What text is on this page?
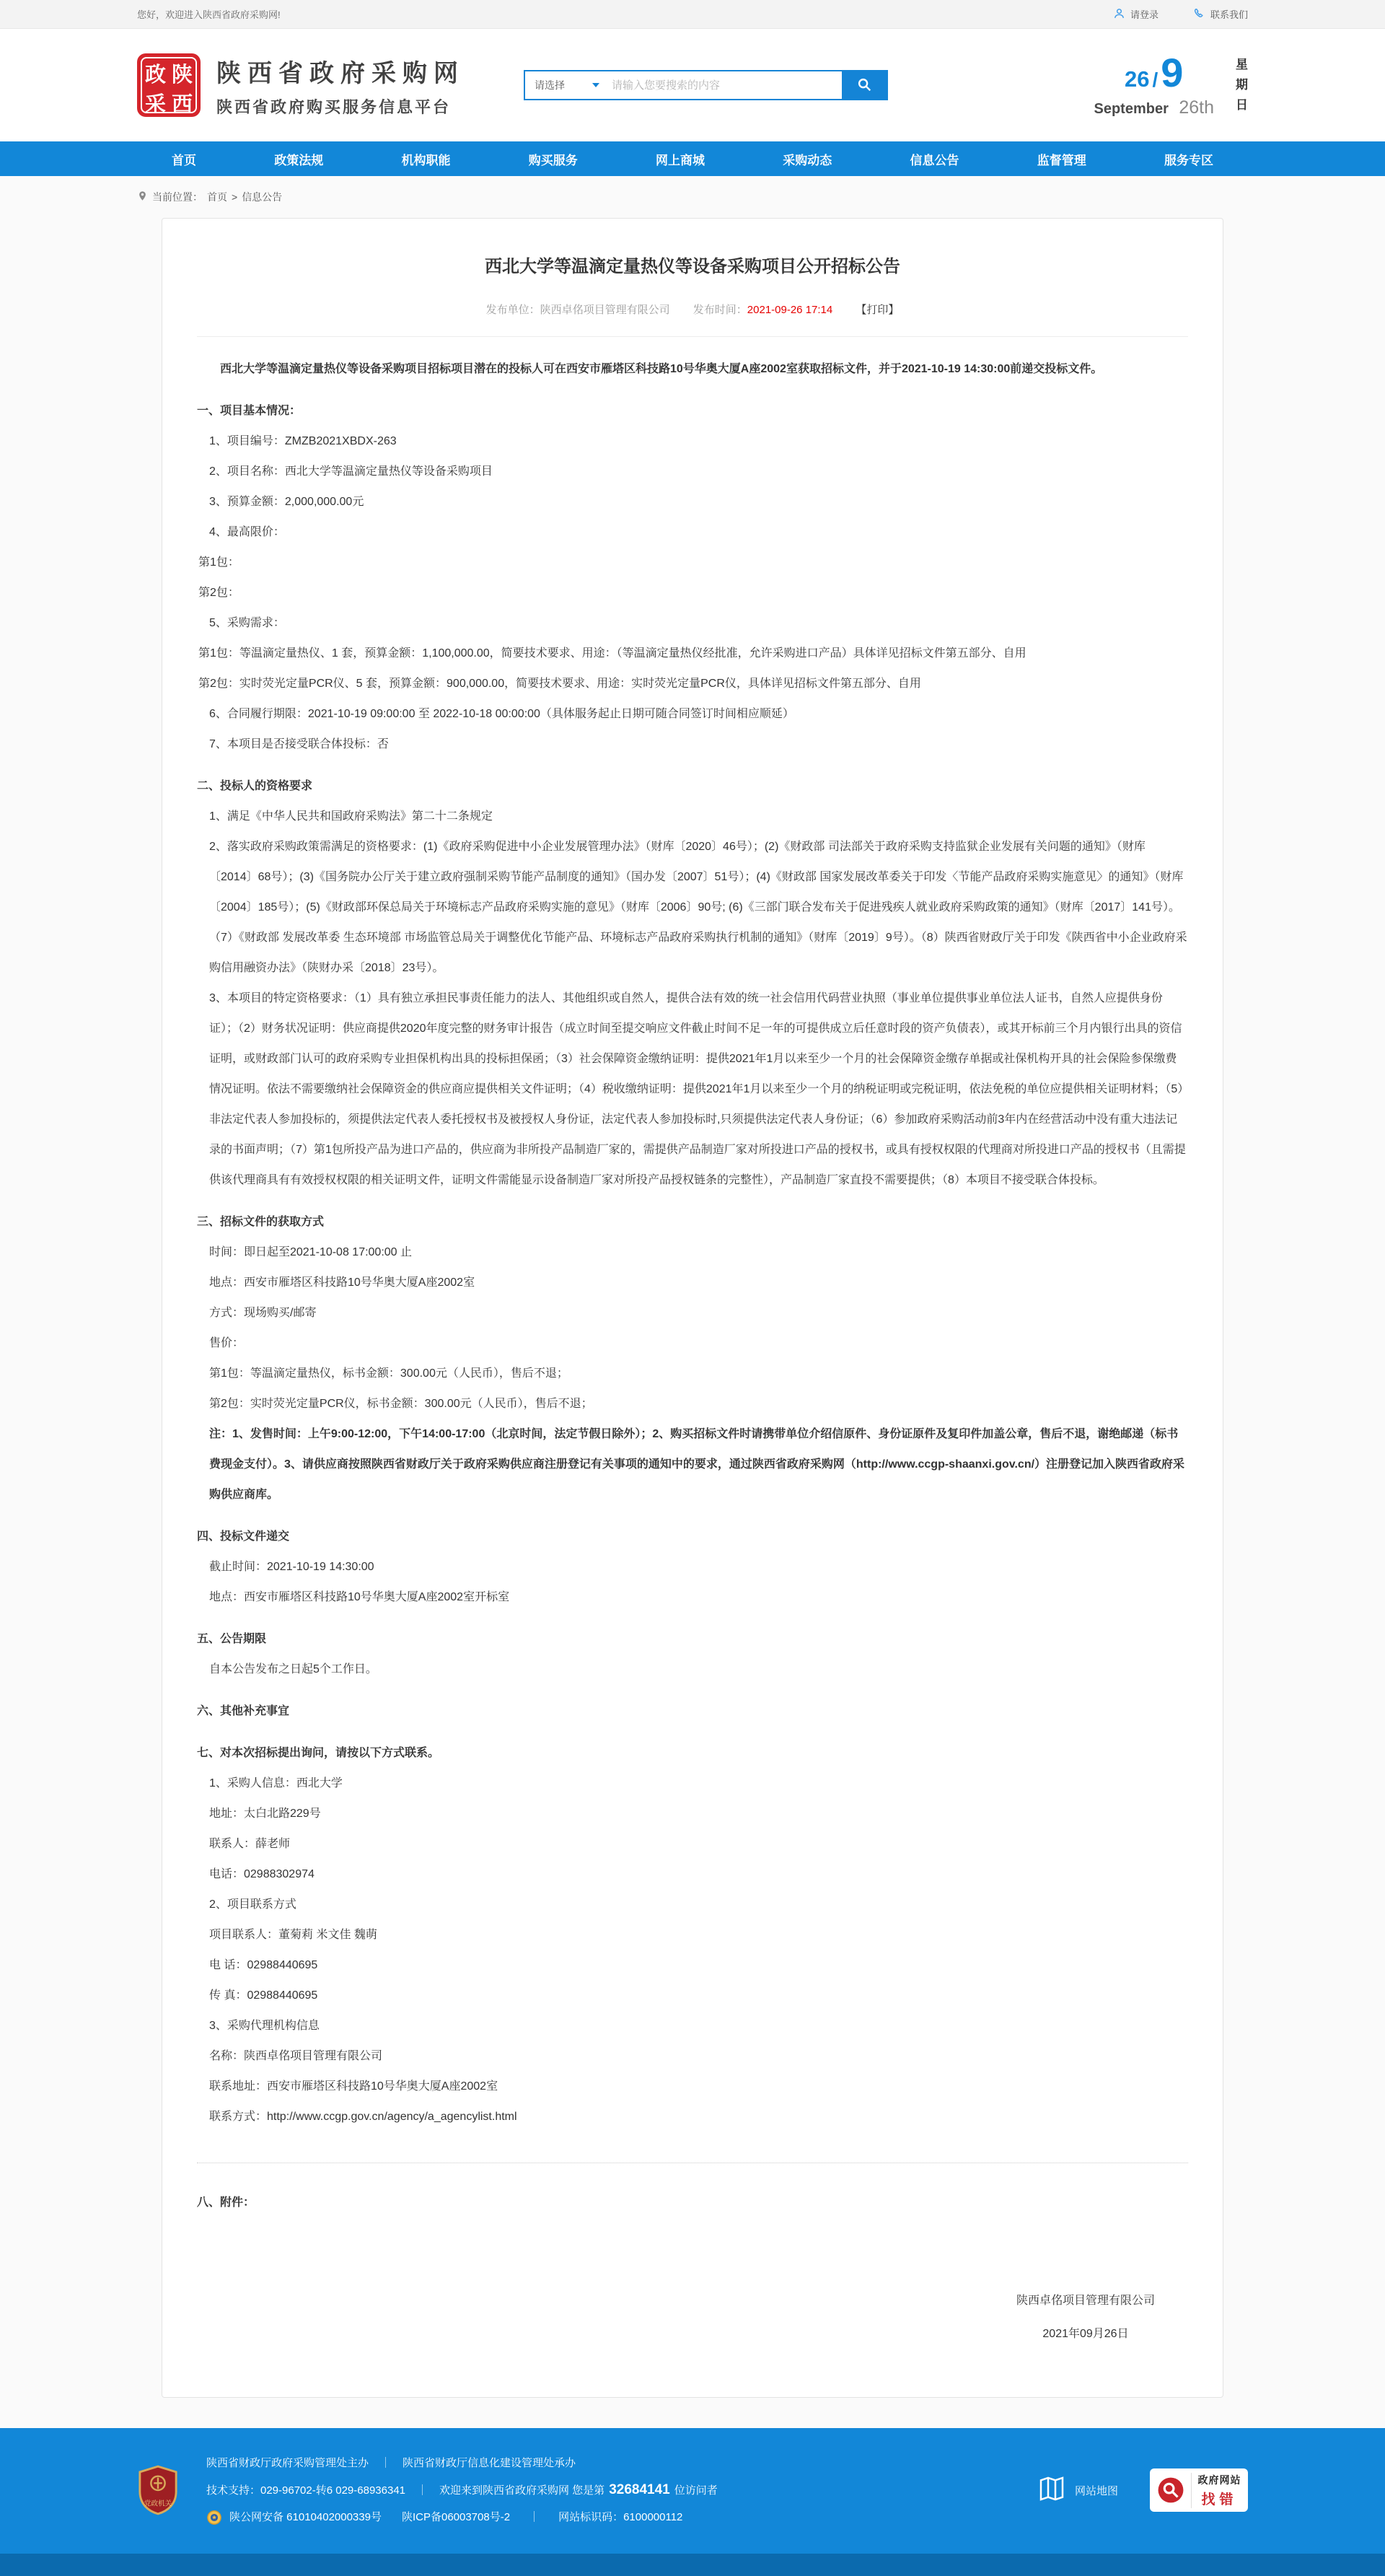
您好，欢迎进入陕西省政府采购网!	请登录	联系我们
政 陕
采 西
陕西省政府采购网
陕西省政府购买服务信息平台
请选择
请输入您要搜索的内容	26 /9
September 26th
星
期
日
首页	政策法规	机构职能	购买服务	网上商城	采购动态	信息公告	监督管理	服务专区
当前位置： 首页 > 信息公告
西北大学等温滴定量热仪等设备采购项目公开招标公告
发布单位：陕西卓佲项目管理有限公司 发布时间：2021-09-26 17:14 【打印】

西北大学等温滴定量热仪等设备采购项目招标项目潜在的投标人可在西安市雁塔区科技路10号华奥大厦A座2002室获取招标文件，并于2021-10-19 14:30:00前递交投标文件。

一、项目基本情况：

1、项目编号：ZMZB2021XBDX-263

2、项目名称：西北大学等温滴定量热仪等设备采购项目

3、预算金额：2,000,000.00元

4、最高限价：

第1包：

第2包：

5、采购需求：

第1包：等温滴定量热仪、1 套，预算金额：1,100,000.00，简要技术要求、用途：（等温滴定量热仪经批准，允许采购进口产品）具体详见招标文件第五部分、自用

第2包：实时荧光定量PCR仪、5 套，预算金额：900,000.00，简要技术要求、用途：实时荧光定量PCR仪，具体详见招标文件第五部分、自用

6、合同履行期限：2021-10-19 09:00:00 至 2022-10-18 00:00:00（具体服务起止日期可随合同签订时间相应顺延）

7、本项目是否接受联合体投标：否

二、投标人的资格要求

1、满足《中华人民共和国政府采购法》第二十二条规定

2、落实政府采购政策需满足的资格要求：(1)《政府采购促进中小企业发展管理办法》（财库〔2020〕46号）；(2)《财政部 司法部关于政府采购支持监狱企业发展有关问题的通知》（财库〔2014〕68号）；(3)《国务院办公厅关于建立政府强制采购节能产品制度的通知》（国办发〔2007〕51号）；(4)《财政部 国家发展改革委关于印发〈节能产品政府采购实施意见〉的通知》（财库〔2004〕185号）；(5)《财政部环保总局关于环境标志产品政府采购实施的意见》（财库〔2006〕90号; (6)《三部门联合发布关于促进残疾人就业政府采购政策的通知》（财库〔2017〕141号）。（7）《财政部 发展改革委 生态环境部 市场监管总局关于调整优化节能产品、环境标志产品政府采购执行机制的通知》（财库〔2019〕9号）。（8）陕西省财政厅关于印发《陕西省中小企业政府采购信用融资办法》（陕财办采〔2018〕23号）。

3、本项目的特定资格要求：（1）具有独立承担民事责任能力的法人、其他组织或自然人，提供合法有效的统一社会信用代码营业执照（事业单位提供事业单位法人证书，自然人应提供身份证）；（2）财务状况证明：供应商提供2020年度完整的财务审计报告（成立时间至提交响应文件截止时间不足一年的可提供成立后任意时段的资产负债表），或其开标前三个月内银行出具的资信证明，或财政部门认可的政府采购专业担保机构出具的投标担保函；（3）社会保障资金缴纳证明：提供2021年1月以来至少一个月的社会保障资金缴存单据或社保机构开具的社会保险参保缴费情况证明。依法不需要缴纳社会保障资金的供应商应提供相关文件证明；（4）税收缴纳证明：提供2021年1月以来至少一个月的纳税证明或完税证明，依法免税的单位应提供相关证明材料；（5）非法定代表人参加投标的，须提供法定代表人委托授权书及被授权人身份证，法定代表人参加投标时,只须提供法定代表人身份证；（6）参加政府采购活动前3年内在经营活动中没有重大违法记录的书面声明；（7）第1包所投产品为进口产品的，供应商为非所投产品制造厂家的，需提供产品制造厂家对所投进口产品的授权书，或具有授权权限的代理商对所投进口产品的授权书（且需提供该代理商具有有效授权权限的相关证明文件，证明文件需能显示设备制造厂家对所投产品授权链条的完整性），产品制造厂家直投不需要提供；（8）本项目不接受联合体投标。

三、招标文件的获取方式

时间：即日起至2021-10-08 17:00:00 止

地点：西安市雁塔区科技路10号华奥大厦A座2002室

方式：现场购买/邮寄

售价：

第1包：等温滴定量热仪，标书金额：300.00元（人民币），售后不退；

第2包：实时荧光定量PCR仪，标书金额：300.00元（人民币），售后不退；

注：1、发售时间：上午9:00-12:00，下午14:00-17:00（北京时间，法定节假日除外）；2、购买招标文件时请携带单位介绍信原件、身份证原件及复印件加盖公章，售后不退，谢绝邮递（标书费现金支付）。3、请供应商按照陕西省财政厅关于政府采购供应商注册登记有关事项的通知中的要求，通过陕西省政府采购网（http://www.ccgp-shaanxi.gov.cn/）注册登记加入陕西省政府采购供应商库。

四、投标文件递交

截止时间：2021-10-19 14:30:00

地点：西安市雁塔区科技路10号华奥大厦A座2002室开标室

五、公告期限

自本公告发布之日起5个工作日。

六、其他补充事宜

七、对本次招标提出询问，请按以下方式联系。

1、采购人信息：西北大学

地址：太白北路229号

联系人：薛老师

电话：02988302974

2、项目联系方式

项目联系人：董菊莉 米文佳 魏萌

电 话：02988440695

传 真：02988440695

3、采购代理机构信息

名称：陕西卓佲项目管理有限公司

联系地址：西安市雁塔区科技路10号华奥大厦A座2002室

联系方式：http://www.ccgp.gov.cn/agency/a_agencylist.html

八、附件：

陕西卓佲项目管理有限公司
2021年09月26日
党政机关
陕西省财政厅政府采购管理处主办 ｜ 陕西省财政厅信息化建设管理处承办
技术支持：029-96702-转6 029-68936341 ｜ 欢迎来到陕西省政府采购网 您是第 32684141 位访问者
陕公网安备 61010402000339号 陕ICP备06003708号-2 ｜ 网站标识码：6100000112
网站地图
政府网站
找错
